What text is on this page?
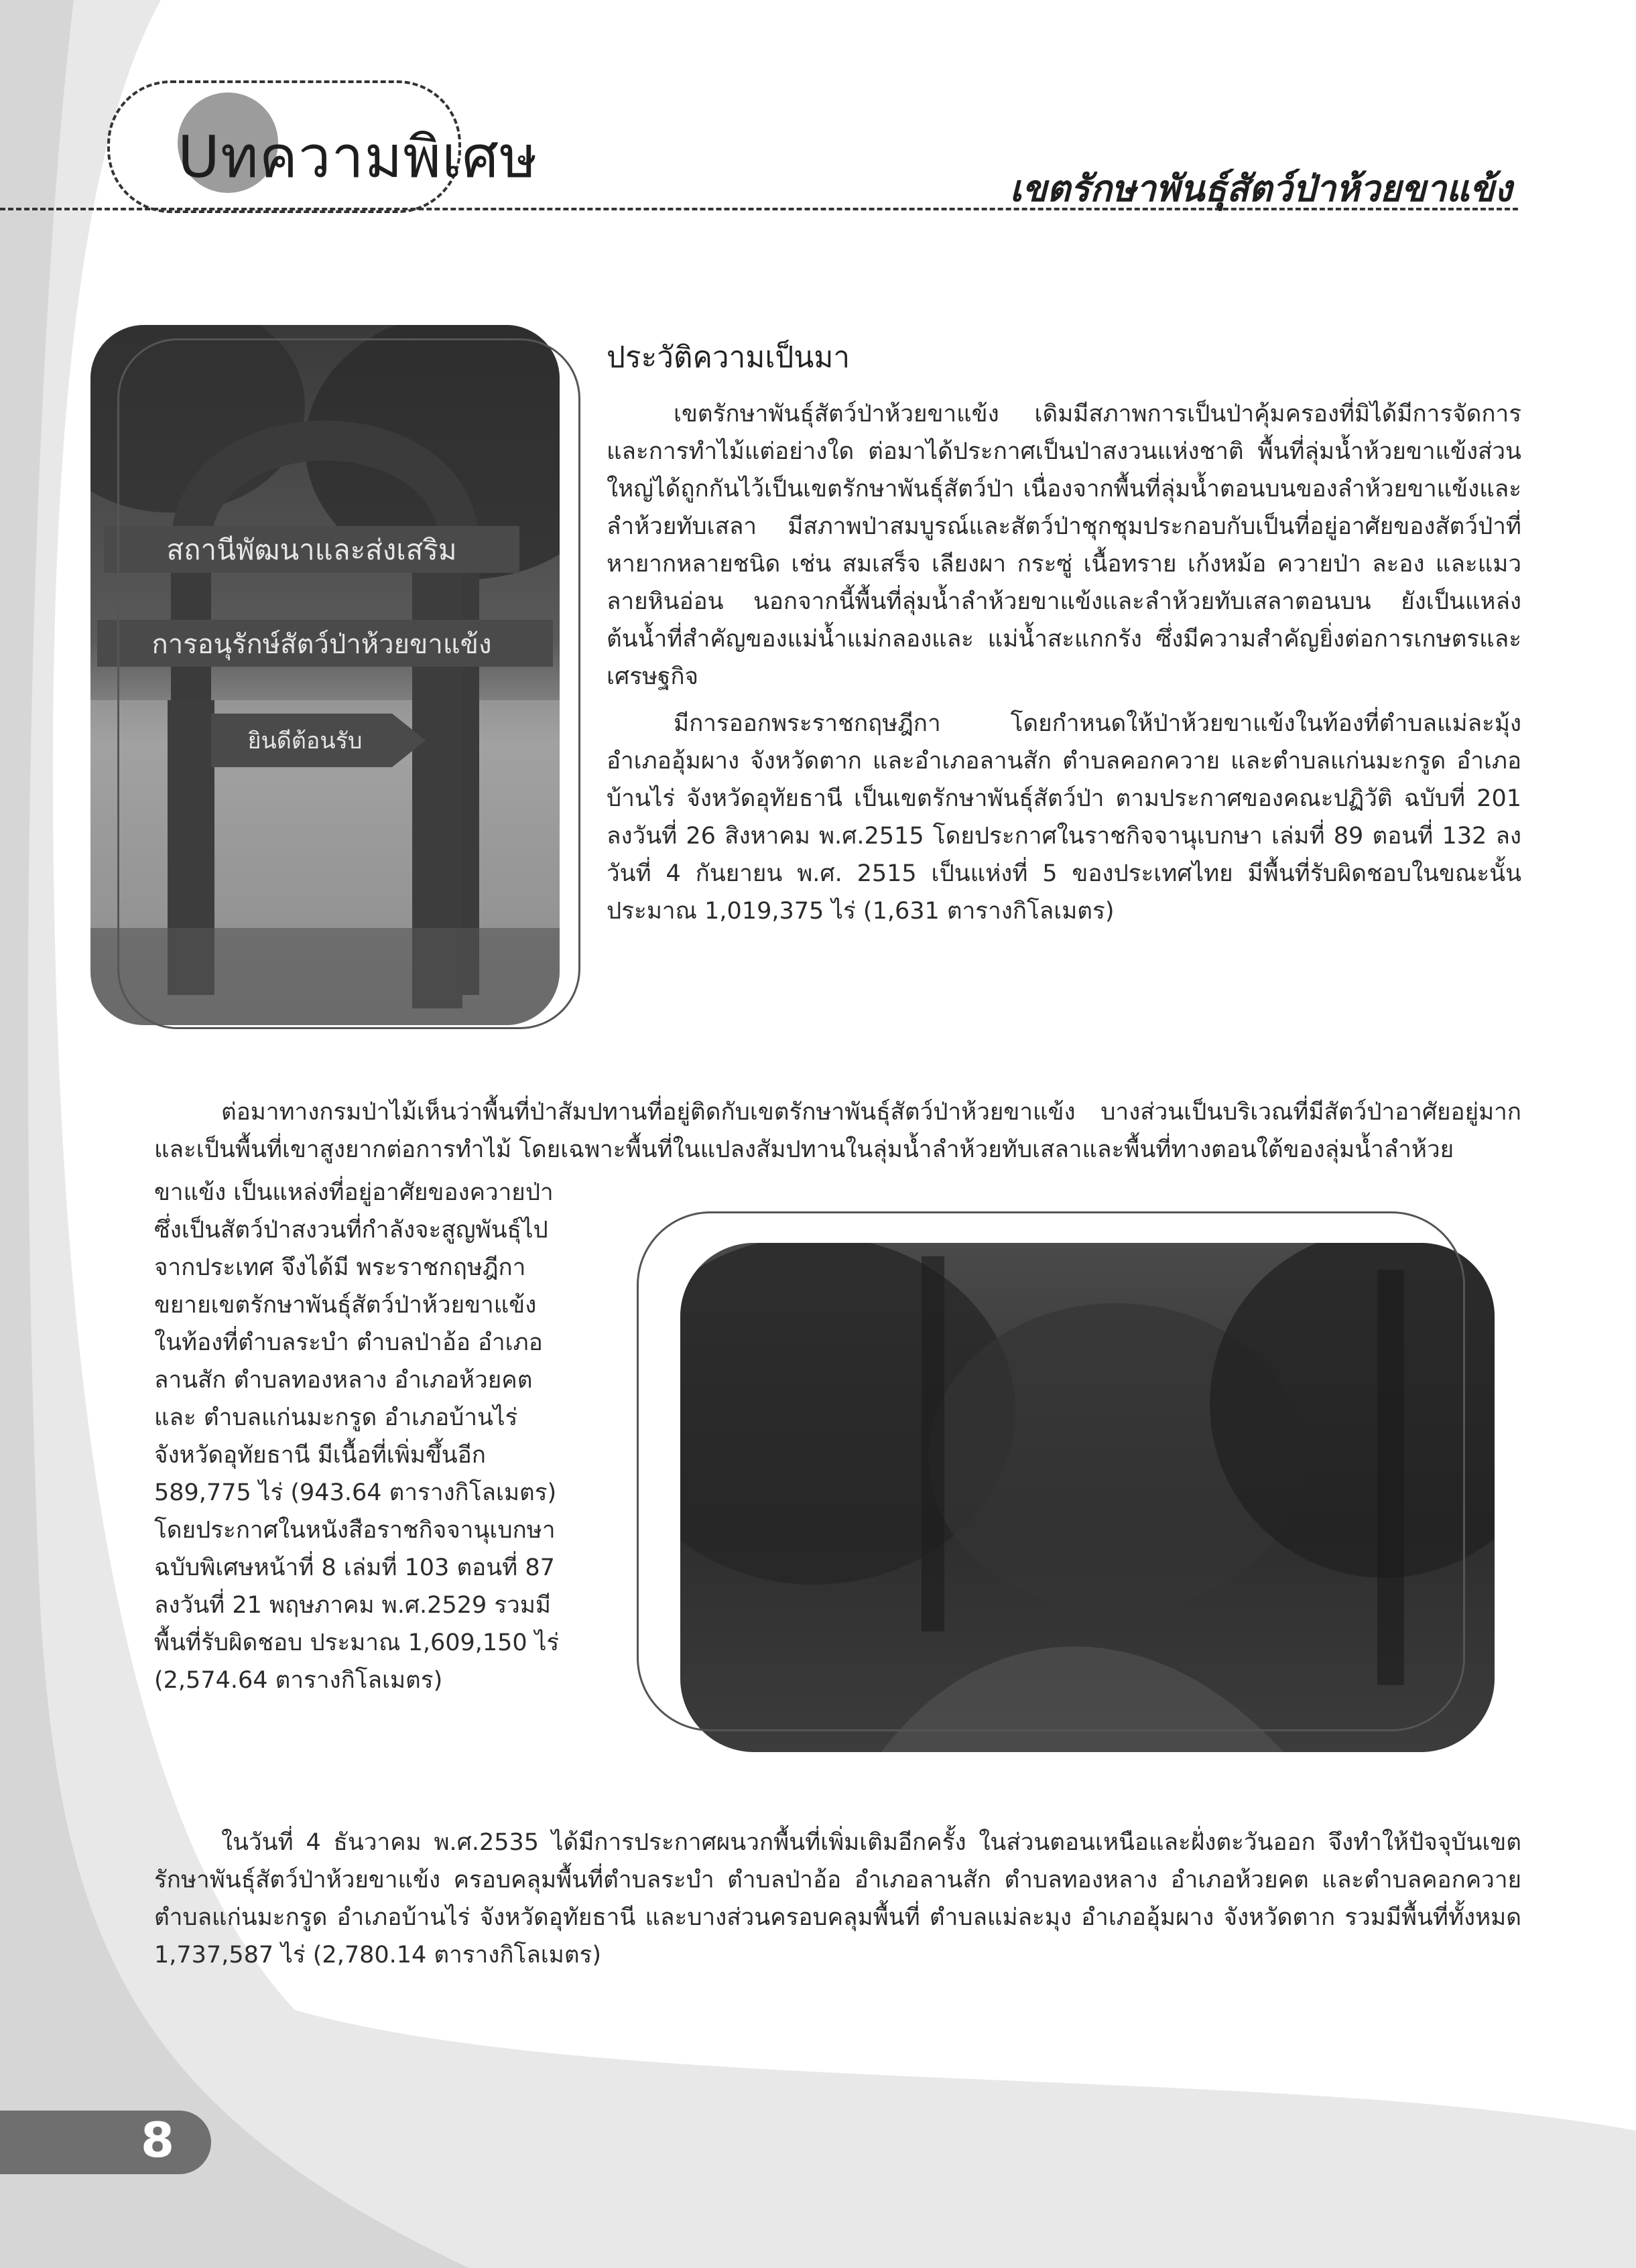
Uทความพิเศษ	เขตรักษาพันธุ์สัตว์ป่าห้วยขาแข้ง
สถานีพัฒนาและส่งเสริม
การอนุรักษ์สัตว์ป่าห้วยขาแข้ง
ยินดีต้อนรับ
ประวัติความเป็นมา

เขตรักษาพันธุ์สัตว์ป่าห้วยขาแข้ง เดิมมีสภาพการเป็นป่าคุ้มครองที่มิได้มีการจัดการและการทำไม้แต่อย่างใด ต่อมาได้ประกาศเป็นป่าสงวนแห่งชาติ พื้นที่ลุ่มน้ำห้วยขาแข้งส่วนใหญ่ได้ถูกกันไว้เป็นเขตรักษาพันธุ์สัตว์ป่า เนื่องจากพื้นที่ลุ่มน้ำตอนบนของลำห้วยขาแข้งและลำห้วยทับเสลา มีสภาพป่าสมบูรณ์และสัตว์ป่าชุกชุมประกอบกับเป็นที่อยู่อาศัยของสัตว์ป่าที่หายากหลายชนิด เช่น สมเสร็จ เลียงผา กระซู่ เนื้อทราย เก้งหม้อ ควายป่า ละอง และแมวลายหินอ่อน นอกจากนี้พื้นที่ลุ่มน้ำลำห้วยขาแข้งและลำห้วยทับเสลาตอนบน ยังเป็นแหล่งต้นน้ำที่สำคัญของแม่น้ำแม่กลองและ แม่น้ำสะแกกรัง ซึ่งมีความสำคัญยิ่งต่อการเกษตรและเศรษฐกิจ

มีการออกพระราชกฤษฎีกา โดยกำหนดให้ป่าห้วยขาแข้งในท้องที่ตำบลแม่ละมุ้ง อำเภออุ้มผาง จังหวัดตาก และอำเภอลานสัก ตำบลคอกควาย และตำบลแก่นมะกรูด อำเภอบ้านไร่ จังหวัดอุทัยธานี เป็นเขตรักษาพันธุ์สัตว์ป่า ตามประกาศของคณะปฏิวัติ ฉบับที่ 201 ลงวันที่ 26 สิงหาคม พ.ศ.2515 โดยประกาศในราชกิจจานุเบกษา เล่มที่ 89 ตอนที่ 132 ลงวันที่ 4 กันยายน พ.ศ. 2515 เป็นแห่งที่ 5 ของประเทศไทย มีพื้นที่รับผิดชอบในขณะนั้น ประมาณ 1,019,375 ไร่ (1,631 ตารางกิโลเมตร)

ต่อมาทางกรมป่าไม้เห็นว่าพื้นที่ป่าสัมปทานที่อยู่ติดกับเขตรักษาพันธุ์สัตว์ป่าห้วยขาแข้ง บางส่วนเป็นบริเวณที่มีสัตว์ป่าอาศัยอยู่มากและเป็นพื้นที่เขาสูงยากต่อการทำไม้ โดยเฉพาะพื้นที่ในแปลงสัมปทานในลุ่มน้ำลำห้วยทับเสลาและพื้นที่ทางตอนใต้ของลุ่มน้ำลำห้วย

ขาแข้ง เป็นแหล่งที่อยู่อาศัยของควายป่า ซึ่งเป็นสัตว์ป่าสงวนที่กำลังจะสูญพันธุ์ไปจากประเทศ จึงได้มี พระราชกฤษฎีกาขยายเขตรักษาพันธุ์สัตว์ป่าห้วยขาแข้งในท้องที่ตำบลระบำ ตำบลป่าอ้อ อำเภอลานสัก ตำบลทองหลาง อำเภอห้วยคต และ ตำบลแก่นมะกรูด อำเภอบ้านไร่ จังหวัดอุทัยธานี มีเนื้อที่เพิ่มขึ้นอีก 589,775 ไร่ (943.64 ตารางกิโลเมตร) โดยประกาศในหนังสือราชกิจจานุเบกษา ฉบับพิเศษหน้าที่ 8 เล่มที่ 103 ตอนที่ 87 ลงวันที่ 21 พฤษภาคม พ.ศ.2529 รวมมีพื้นที่รับผิดชอบ ประมาณ 1,609,150 ไร่ (2,574.64 ตารางกิโลเมตร)

ในวันที่ 4 ธันวาคม พ.ศ.2535 ได้มีการประกาศผนวกพื้นที่เพิ่มเติมอีกครั้ง ในส่วนตอนเหนือและฝั่งตะวันออก จึงทำให้ปัจจุบันเขตรักษาพันธุ์สัตว์ป่าห้วยขาแข้ง ครอบคลุมพื้นที่ตำบลระบำ ตำบลป่าอ้อ อำเภอลานสัก ตำบลทองหลาง อำเภอห้วยคต และตำบลคอกควาย ตำบลแก่นมะกรูด อำเภอบ้านไร่ จังหวัดอุทัยธานี และบางส่วนครอบคลุมพื้นที่ ตำบลแม่ละมุง อำเภออุ้มผาง จังหวัดตาก รวมมีพื้นที่ทั้งหมด 1,737,587 ไร่ (2,780.14 ตารางกิโลเมตร)

8
